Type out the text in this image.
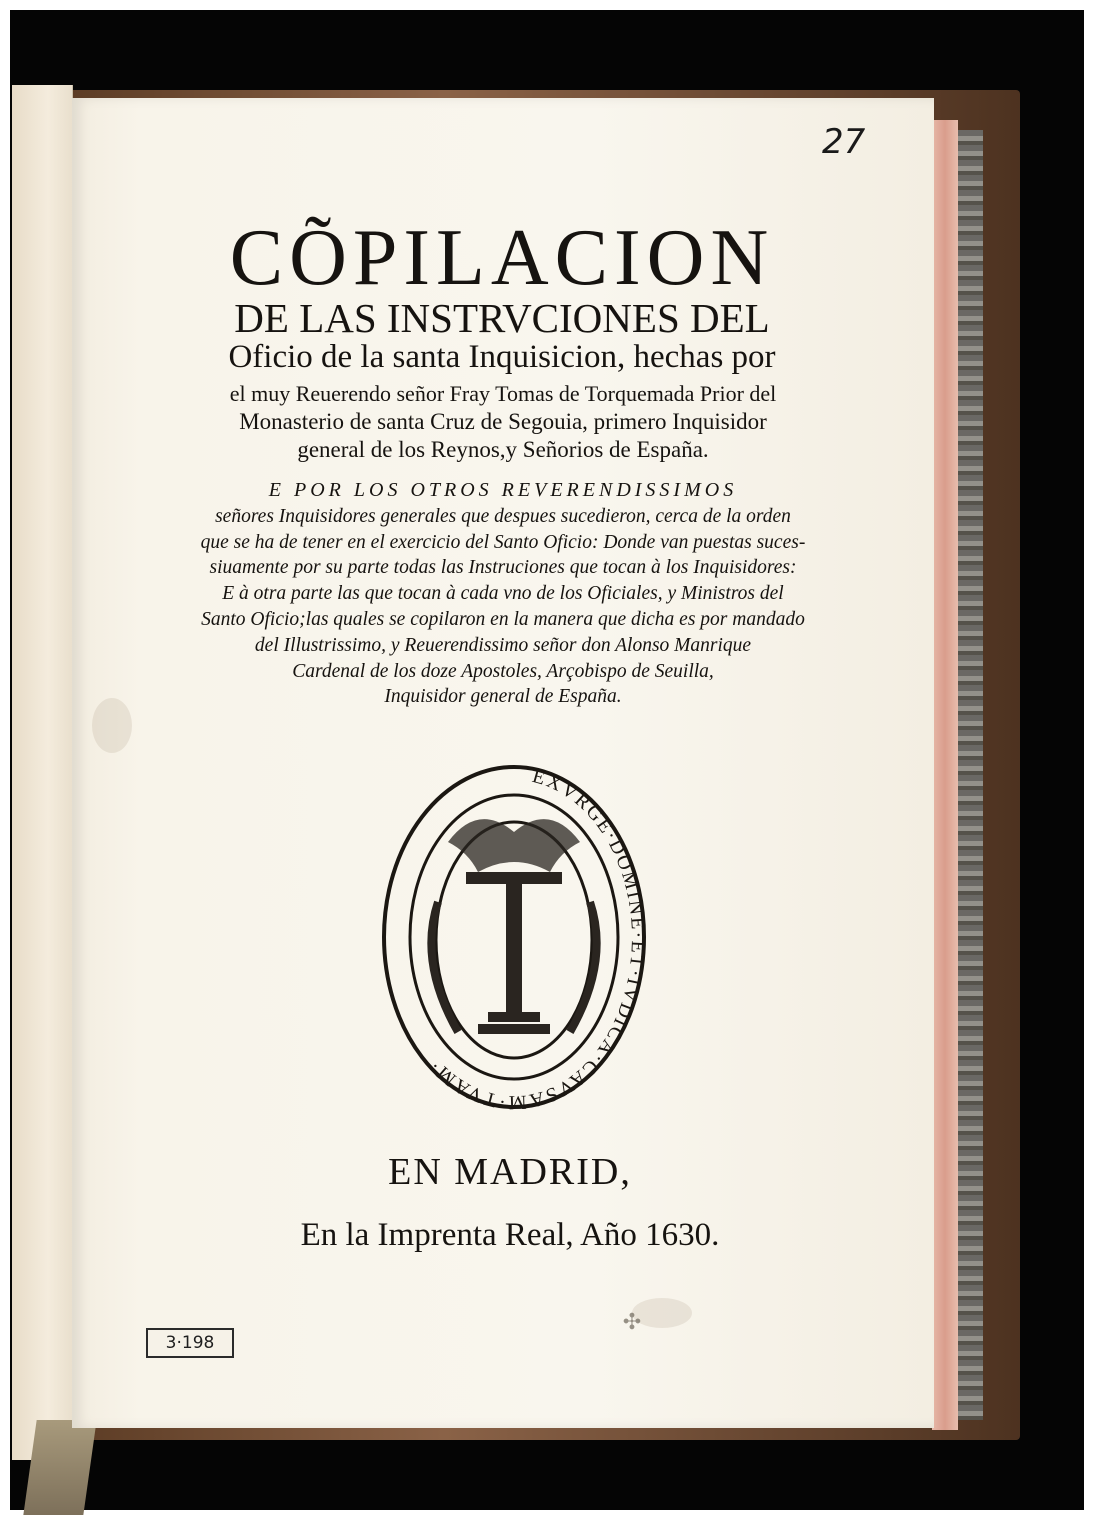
27
CÕPILACION
DE LAS INSTRVCIONES DEL
Oficio de la santa Inquisicion, hechas por
el muy Reuerendo señor Fray Tomas de Torquemada Prior del
Monasterio de santa Cruz de Segouia, primero Inquisidor
general de los Reynos,y Señorios de España.
E POR LOS OTROS REVERENDISSIMOS
señores Inquisidores generales que despues sucedieron, cerca de la orden
que se ha de tener en el exercicio del Santo Oficio: Donde van puestas suces-
siuamente por su parte todas las Instruciones que tocan à los Inquisidores:
E à otra parte las que tocan à cada vno de los Oficiales, y Ministros del
Santo Oficio;las quales se copilaron en la manera que dicha es por mandado
del Illustrissimo, y Reuerendissimo señor don Alonso Manrique
Cardenal de los doze Apostoles, Arçobispo de Seuilla,
Inquisidor general de España.
EXVRGE·DOMINE·ET·IVDICA·CAVSAM·TVAM·
EN MADRID,
En la Imprenta Real, Año 1630.
✣
3·198
